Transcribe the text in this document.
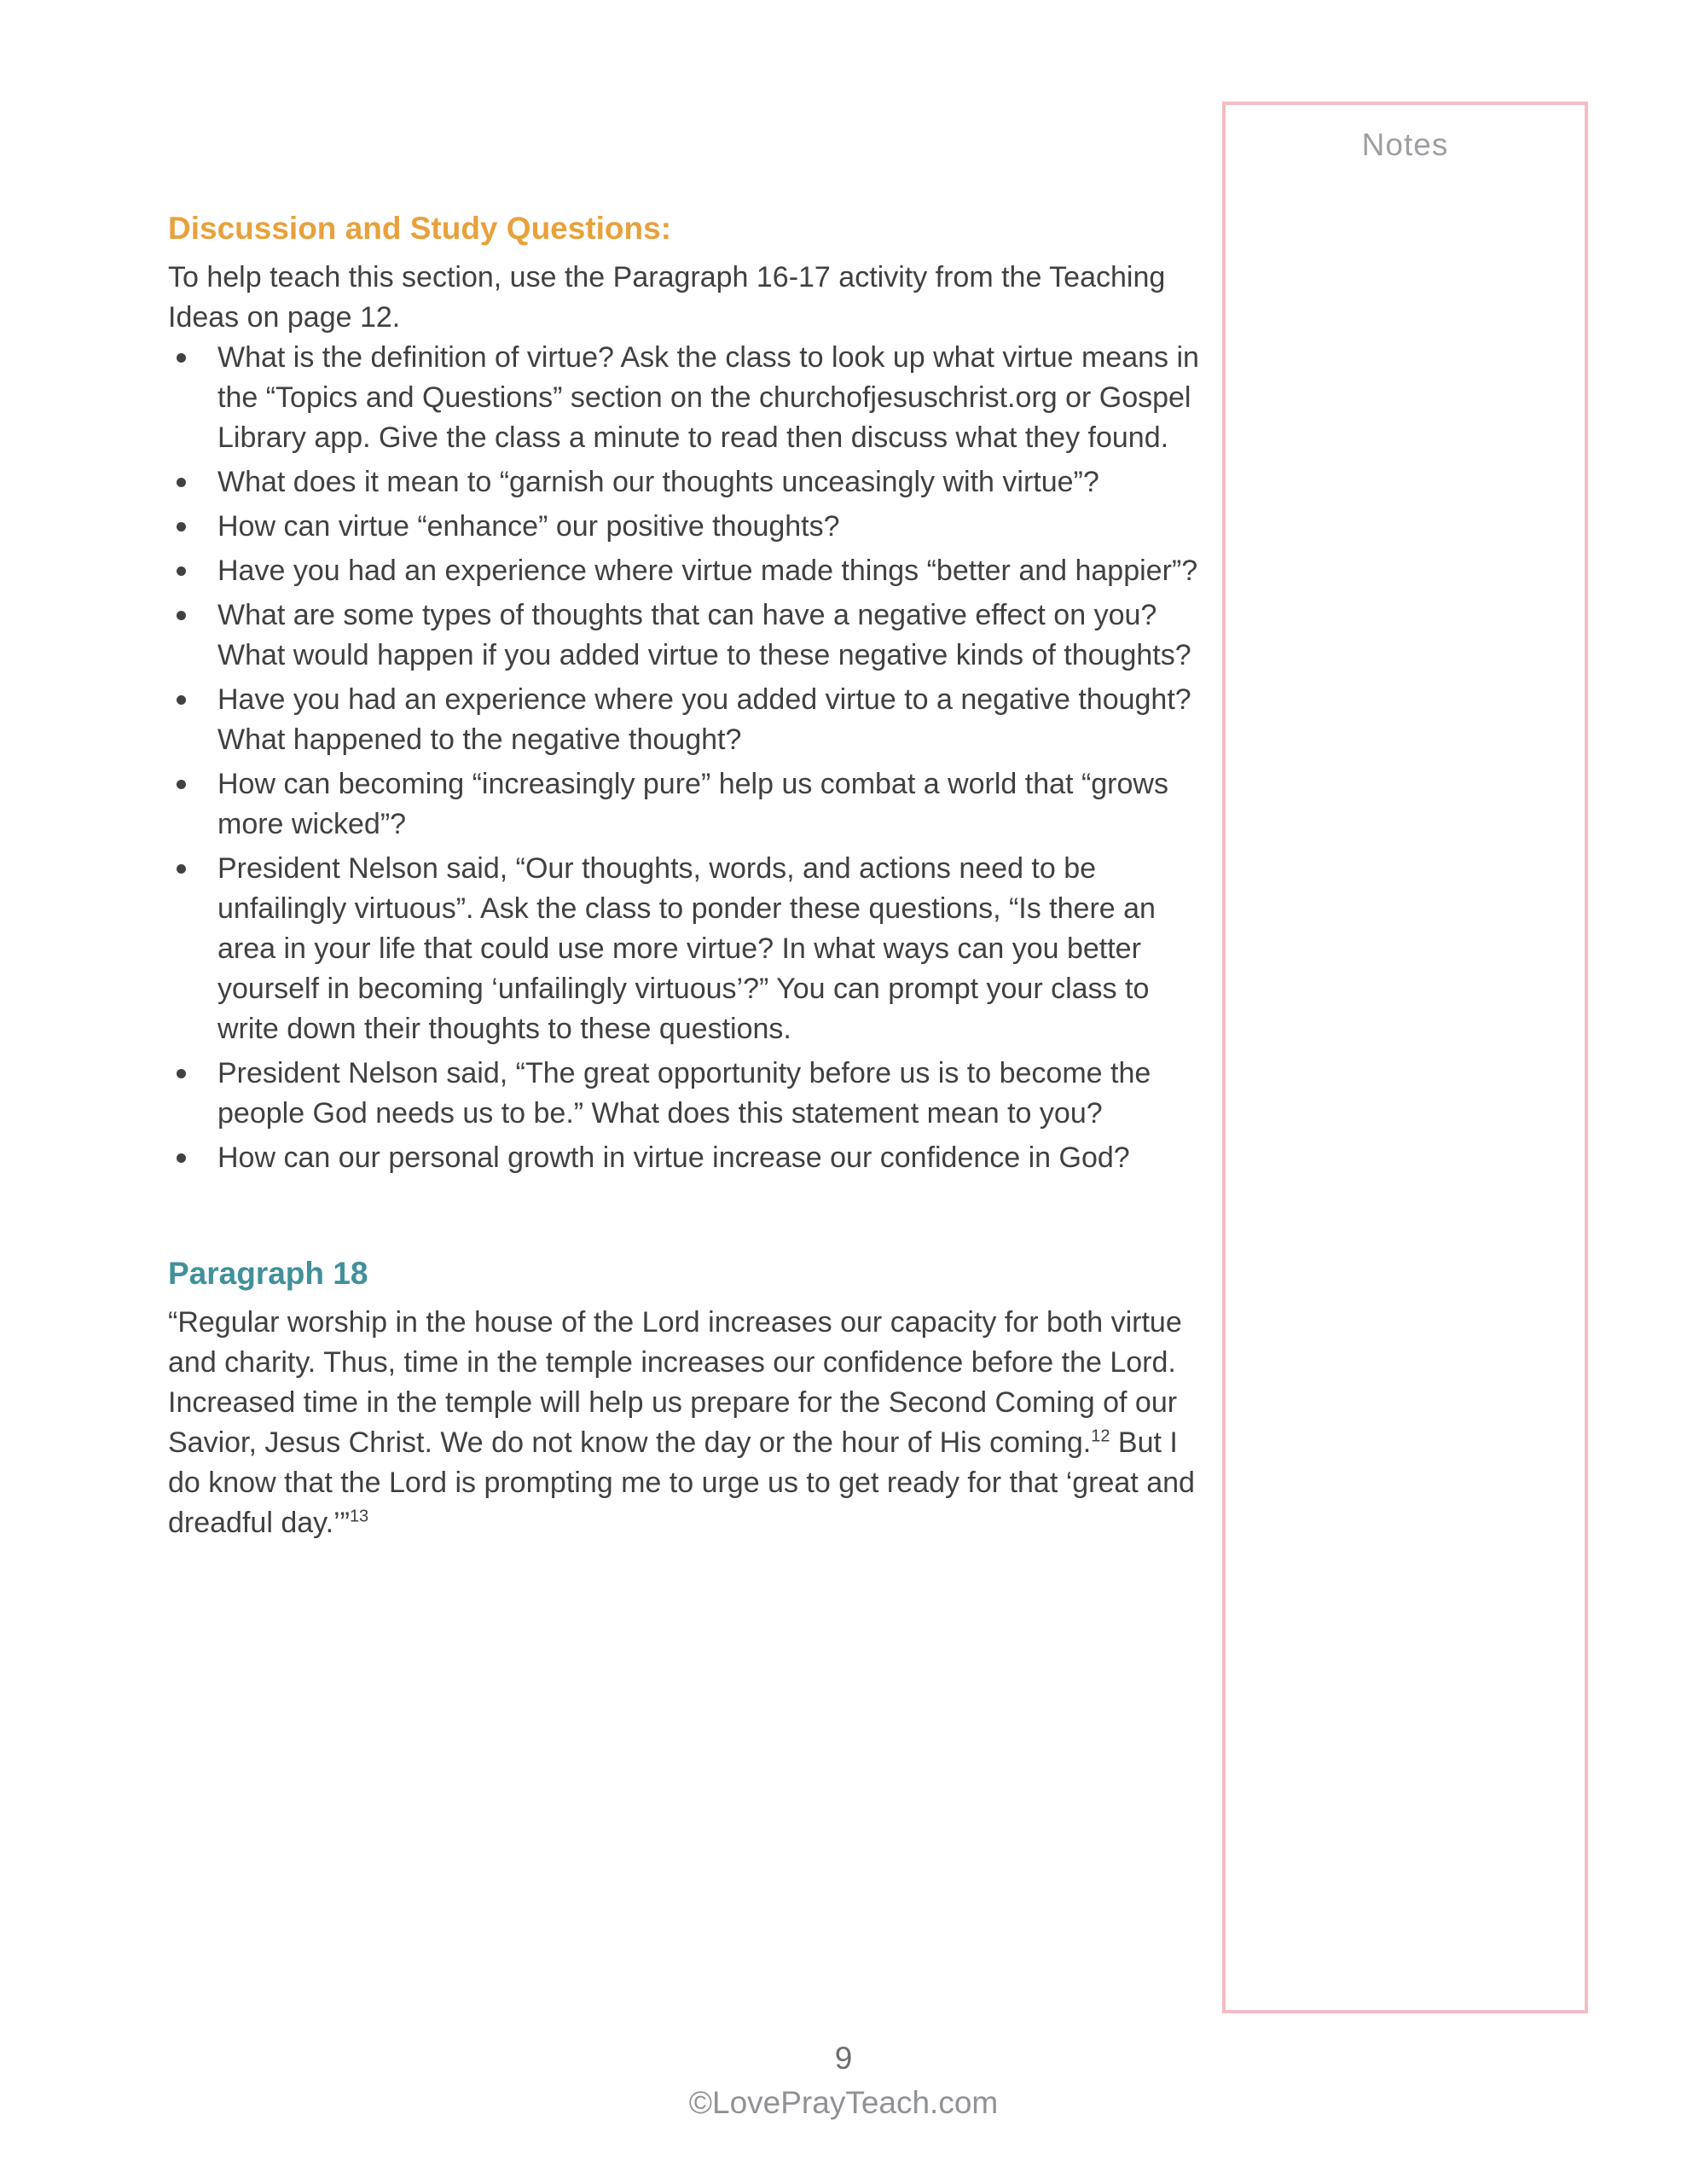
Notes
Discussion and Study Questions:

To help teach this section, use the Paragraph 16-17 activity from the Teaching Ideas on page 12.

What is the definition of virtue? Ask the class to look up what virtue means in the “Topics and Questions” section on the churchofjesuschrist.org or Gospel Library app. Give the class a minute to read then discuss what they found.
What does it mean to “garnish our thoughts unceasingly with virtue”?
How can virtue “enhance” our positive thoughts?
Have you had an experience where virtue made things “better and happier”?
What are some types of thoughts that can have a negative effect on you? What would happen if you added virtue to these negative kinds of thoughts?
Have you had an experience where you added virtue to a negative thought? What happened to the negative thought?
How can becoming “increasingly pure” help us combat a world that “grows more wicked”?
President Nelson said, “Our thoughts, words, and actions need to be unfailingly virtuous”. Ask the class to ponder these questions, “Is there an area in your life that could use more virtue? In what ways can you better yourself in becoming ‘unfailingly virtuous’?” You can prompt your class to write down their thoughts to these questions.
President Nelson said, “The great opportunity before us is to become the people God needs us to be.” What does this statement mean to you?
How can our personal growth in virtue increase our confidence in God?
Paragraph 18

“Regular worship in the house of the Lord increases our capacity for both virtue and charity. Thus, time in the temple increases our confidence before the Lord. Increased time in the temple will help us prepare for the Second Coming of our Savior, Jesus Christ. We do not know the day or the hour of His coming.$^{12}$ But I do know that the Lord is prompting me to urge us to get ready for that ‘great and dreadful day.’”$^{13}$

9
©LovePrayTeach.com
